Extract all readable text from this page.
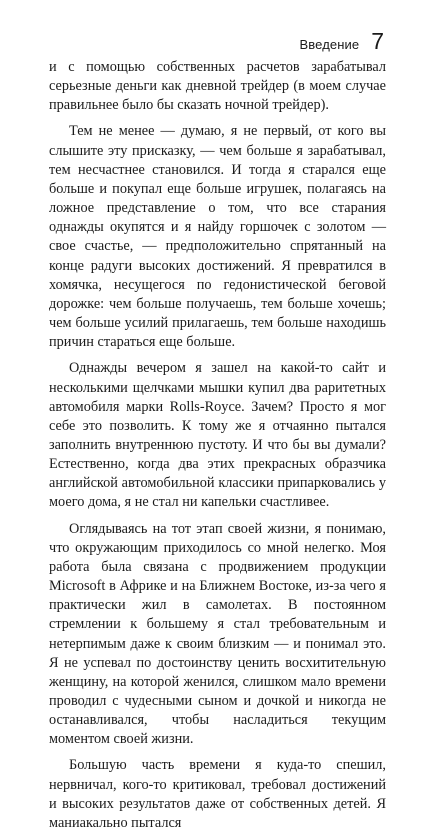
Введение 7

и с помощью собственных расчетов зарабатывал серьезные деньги как дневной трейдер (в моем случае правильнее было бы сказать ночной трейдер).

Тем не менее — думаю, я не первый, от кого вы слышите эту присказку, — чем больше я зарабатывал, тем несчастнее становился. И тогда я старался еще больше и покупал еще больше игрушек, полагаясь на ложное представление о том, что все старания однажды окупятся и я найду горшочек с золотом — свое счастье, — предположительно спрятанный на конце радуги высоких достижений. Я превратился в хомячка, несущегося по гедонистической беговой дорожке: чем больше получаешь, тем больше хочешь; чем больше усилий прилагаешь, тем больше находишь причин стараться еще больше.

Однажды вечером я зашел на какой-то сайт и несколькими щелчками мышки купил два раритетных автомобиля марки Rolls-Royce. Зачем? Просто я мог себе это позволить. К тому же я отчаянно пытался заполнить внутреннюю пустоту. И что бы вы думали? Естественно, когда два этих прекрасных образчика английской автомобильной классики припарковались у моего дома, я не стал ни капельки счастливее.

Оглядываясь на тот этап своей жизни, я понимаю, что окружающим приходилось со мной нелегко. Моя работа была связана с продвижением продукции Microsoft в Африке и на Ближнем Востоке, из-за чего я практически жил в самолетах. В постоянном стремлении к большему я стал требовательным и нетерпимым даже к своим близким — и понимал это. Я не успевал по достоинству ценить восхитительную женщину, на которой женился, слишком мало времени проводил с чудесными сыном и дочкой и никогда не останавливался, чтобы насладиться текущим моментом своей жизни.

Большую часть времени я куда-то спешил, нервничал, кого-то критиковал, требовал достижений и высоких результатов даже от собственных детей. Я маниакально пытался
